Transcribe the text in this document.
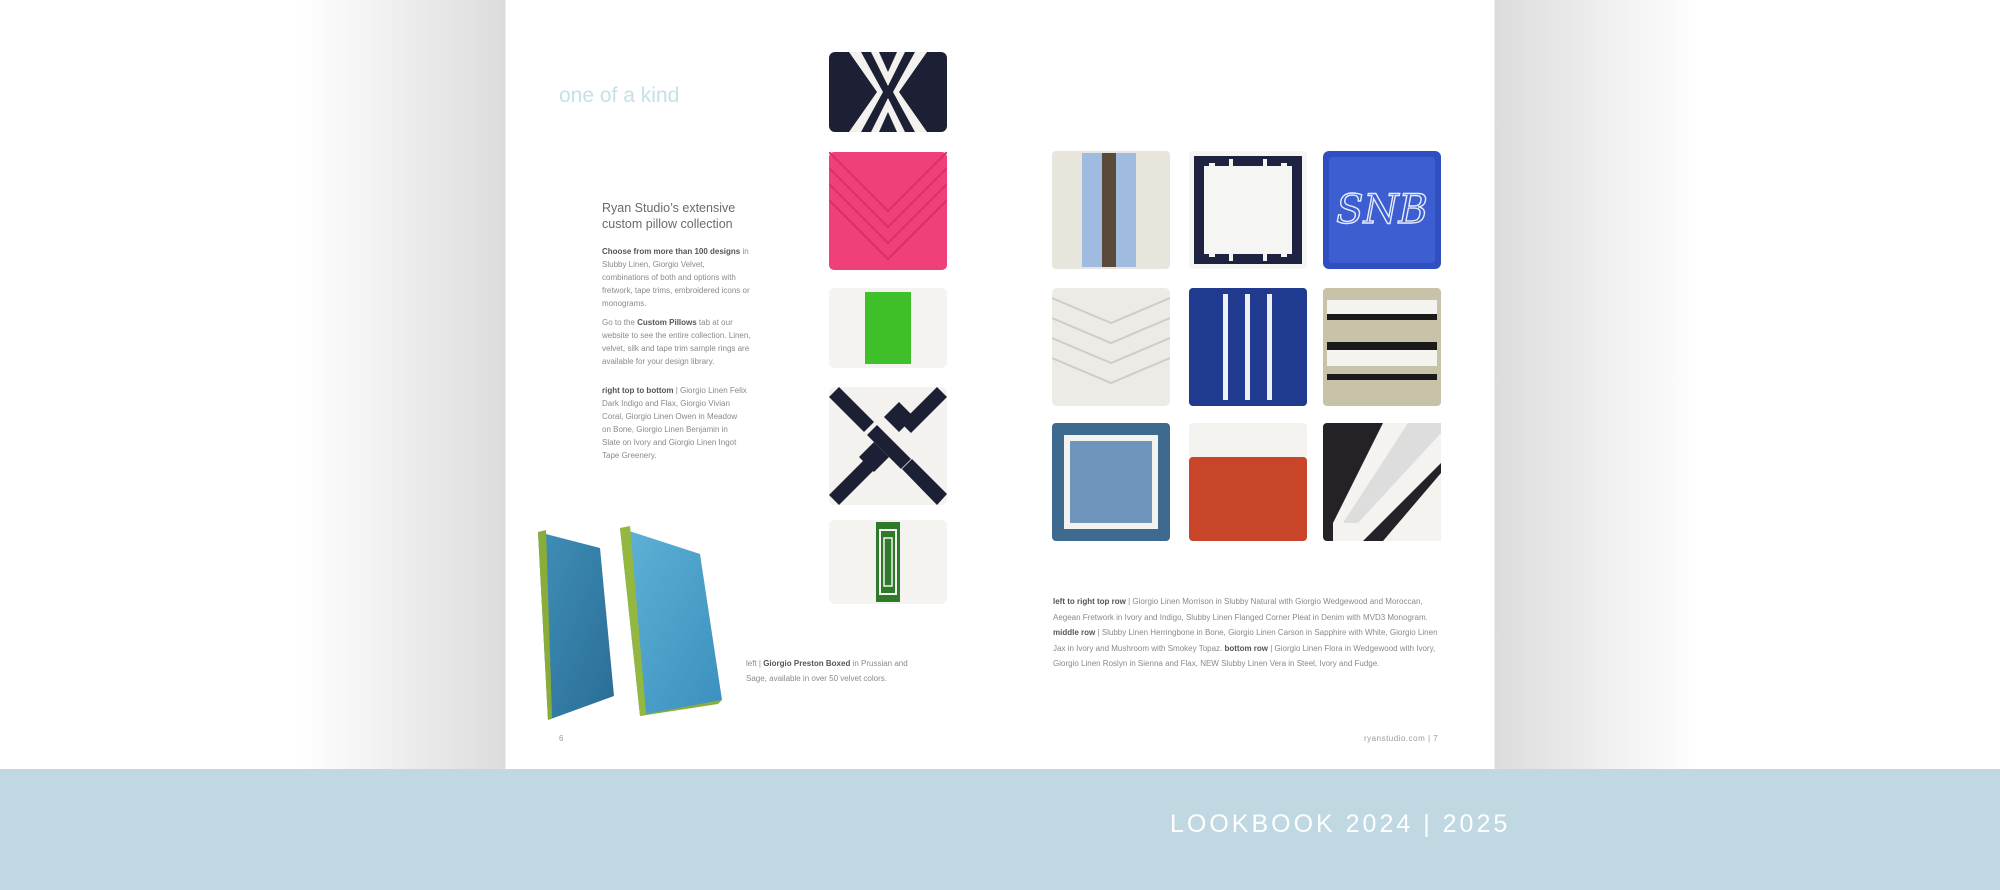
one of a kind
Ryan Studio’s extensive custom pillow collection

Choose from more than 100 designs in Slubby Linen, Giorgio Velvet, combinations of both and options with fretwork, tape trims, embroidered icons or monograms.

Go to the Custom Pillows tab at our website to see the entire collection. Linen, velvet, silk and tape trim sample rings are available for your design library.

right top to bottom | Giorgio Linen Felix Dark Indigo and Flax, Giorgio Vivian Coral, Giorgio Linen Owen in Meadow on Bone, Giorgio Linen Benjamin in Slate on Ivory and Giorgio Linen Ingot Tape Greenery.
left | Giorgio Preston Boxed in Prussian and Sage, available in over 50 velvet colors.
SNB
left to right top row | Giorgio Linen Morrison in Slubby Natural with Giorgio Wedgewood and Moroccan, Aegean Fretwork in Ivory and Indigo, Slubby Linen Flanged Corner Pleat in Denim with MVD3 Monogram. middle row | Slubby Linen Herringbone in Bone, Giorgio Linen Carson in Sapphire with White, Giorgio Linen Jax in Ivory and Mushroom with Smokey Topaz. bottom row | Giorgio Linen Flora in Wedgewood with Ivory, Giorgio Linen Roslyn in Sienna and Flax, NEW Slubby Linen Vera in Steel, Ivory and Fudge.
6	ryanstudio.com | 7
LOOKBOOK 2024 | 2025
